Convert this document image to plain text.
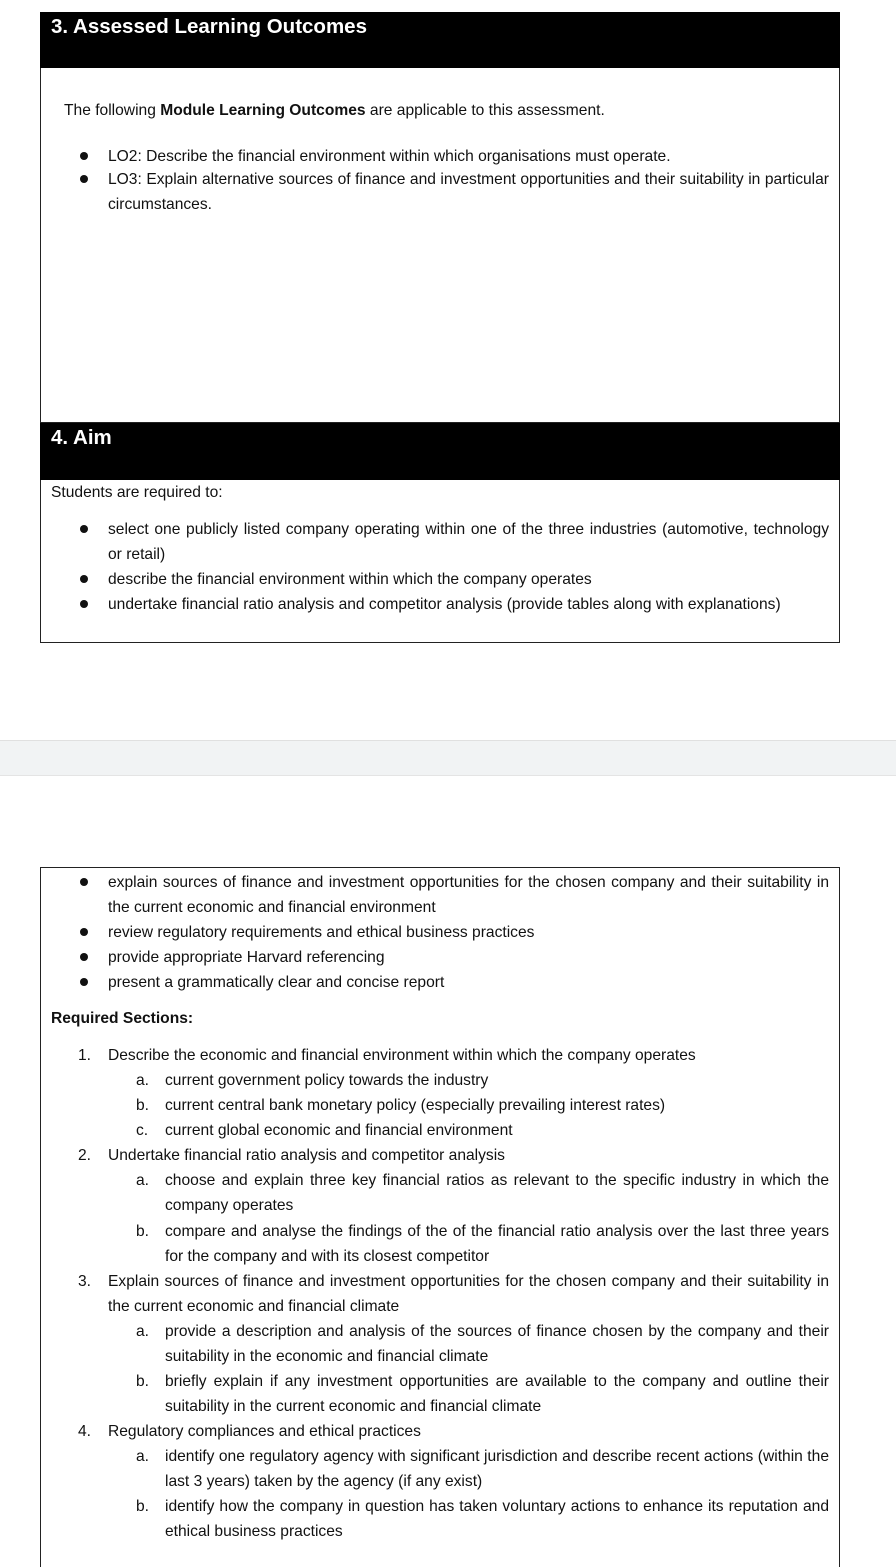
3. Assessed Learning Outcomes
The following Module Learning Outcomes are applicable to this assessment.
LO2: Describe the financial environment within which organisations must operate.
LO3: Explain alternative sources of finance and investment opportunities and their suitability in particular circumstances.
4. Aim
Students are required to:
select one publicly listed company operating within one of the three industries (automotive, technology or retail)
describe the financial environment within which the company operates
undertake financial ratio analysis and competitor analysis (provide tables along with explanations)
explain sources of finance and investment opportunities for the chosen company and their suitability in the current economic and financial environment
review regulatory requirements and ethical business practices
provide appropriate Harvard referencing
present a grammatically clear and concise report
Required Sections:
1. Describe the economic and financial environment within which the company operates
a. current government policy towards the industry
b. current central bank monetary policy (especially prevailing interest rates)
c. current global economic and financial environment
2. Undertake financial ratio analysis and competitor analysis
a. choose and explain three key financial ratios as relevant to the specific industry in which the company operates
b. compare and analyse the findings of the of the financial ratio analysis over the last three years for the company and with its closest competitor
3. Explain sources of finance and investment opportunities for the chosen company and their suitability in the current economic and financial climate
a. provide a description and analysis of the sources of finance chosen by the company and their suitability in the economic and financial climate
b. briefly explain if any investment opportunities are available to the company and outline their suitability in the current economic and financial climate
4. Regulatory compliances and ethical practices
a. identify one regulatory agency with significant jurisdiction and describe recent actions (within the last 3 years) taken by the agency (if any exist)
b. identify how the company in question has taken voluntary actions to enhance its reputation and ethical business practices
